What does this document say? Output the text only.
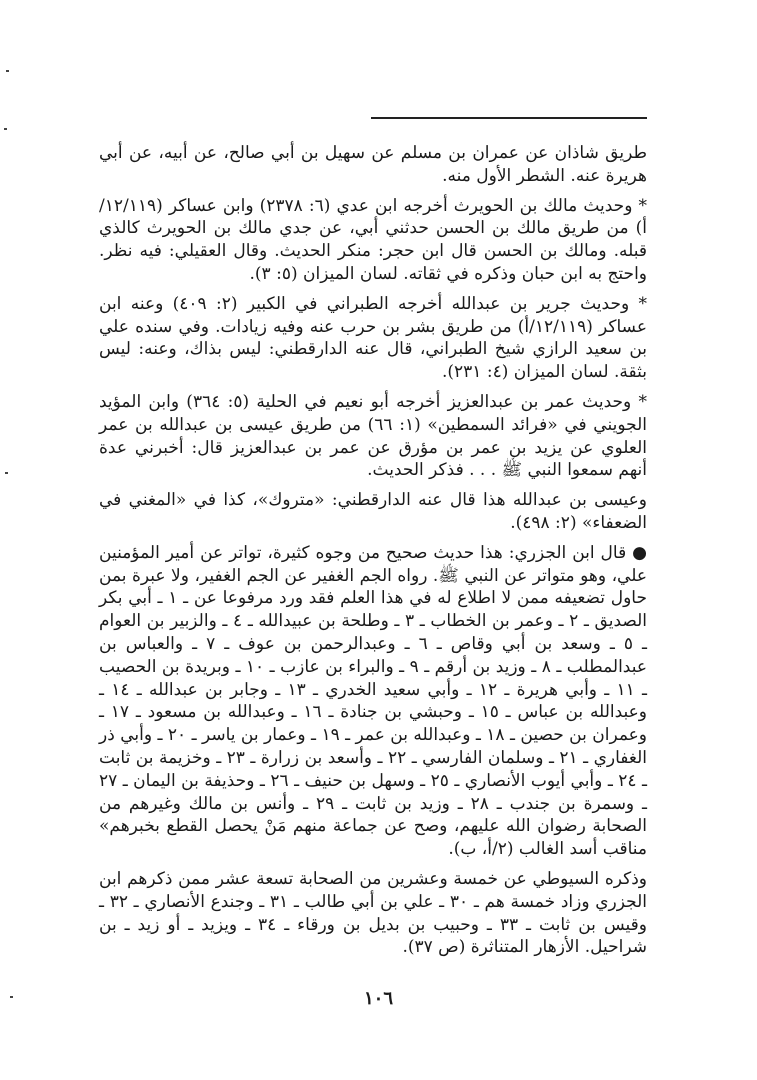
طريق شاذان عن عمران بن مسلم عن سهيل بن أبي صالح، عن أبيه، عن أبي هريرة عنه. الشطر الأول منه.

* وحديث مالك بن الحويرث أخرجه ابن عدي (٦: ٢٣٧٨) وابن عساكر (١٢/١١٩/أ) من طريق مالك بن الحسن حدثني أبي، عن جدي مالك بن الحويرث كالذي قبله. ومالك بن الحسن قال ابن حجر: منكر الحديث. وقال العقيلي: فيه نظر. واحتج به ابن حبان وذكره في ثقاته. لسان الميزان (٥: ٣).

* وحديث جرير بن عبدالله أخرجه الطبراني في الكبير (٢: ٤٠٩) وعنه ابن عساكر (١٢/١١٩/أ) من طريق بشر بن حرب عنه وفيه زيادات. وفي سنده علي بن سعيد الرازي شيخ الطبراني، قال عنه الدارقطني: ليس بذاك، وعنه: ليس بثقة. لسان الميزان (٤: ٢٣١).

* وحديث عمر بن عبدالعزيز أخرجه أبو نعيم في الحلية (٥: ٣٦٤) وابن المؤيد الجويني في «فرائد السمطين» (١: ٦٦) من طريق عيسى بن عبدالله بن عمر العلوي عن يزيد بن عمر بن مؤرق عن عمر بن عبدالعزيز قال: أخبرني عدة أنهم سمعوا النبي ﷺ . . . فذكر الحديث.

وعيسى بن عبدالله هذا قال عنه الدارقطني: «متروك»، كذا في «المغني في الضعفاء» (٢: ٤٩٨).

● قال ابن الجزري: هذا حديث صحيح من وجوه كثيرة، تواتر عن أمير المؤمنين علي، وهو متواتر عن النبي ﷺ. رواه الجم الغفير عن الجم الغفير، ولا عبرة بمن حاول تضعيفه ممن لا اطلاع له في هذا العلم فقد ورد مرفوعا عن ـ ١ ـ أبي بكر الصديق ـ ٢ ـ وعمر بن الخطاب ـ ٣ ـ وطلحة بن عبيدالله ـ ٤ ـ والزبير بن العوام ـ ٥ ـ وسعد بن أبي وقاص ـ ٦ ـ وعبدالرحمن بن عوف ـ ٧ ـ والعباس بن عبدالمطلب ـ ٨ ـ وزيد بن أرقم ـ ٩ ـ والبراء بن عازب ـ ١٠ ـ وبريدة بن الحصيب ـ ١١ ـ وأبي هريرة ـ ١٢ ـ وأبي سعيد الخدري ـ ١٣ ـ وجابر بن عبدالله ـ ١٤ ـ وعبدالله بن عباس ـ ١٥ ـ وحبشي بن جنادة ـ ١٦ ـ وعبدالله بن مسعود ـ ١٧ ـ وعمران بن حصين ـ ١٨ ـ وعبدالله بن عمر ـ ١٩ ـ وعمار بن ياسر ـ ٢٠ ـ وأبي ذر الغفاري ـ ٢١ ـ وسلمان الفارسي ـ ٢٢ ـ وأسعد بن زرارة ـ ٢٣ ـ وخزيمة بن ثابت ـ ٢٤ ـ وأبي أيوب الأنصاري ـ ٢٥ ـ وسهل بن حنيف ـ ٢٦ ـ وحذيفة بن اليمان ـ ٢٧ ـ وسمرة بن جندب ـ ٢٨ ـ وزيد بن ثابت ـ ٢٩ ـ وأنس بن مالك وغيرهم من الصحابة رضوان الله عليهم، وصح عن جماعة منهم مَنْ يحصل القطع بخبرهم» مناقب أسد الغالب (٢/أ، ب).

وذكره السيوطي عن خمسة وعشرين من الصحابة تسعة عشر ممن ذكرهم ابن الجزري وزاد خمسة هم ـ ٣٠ ـ علي بن أبي طالب ـ ٣١ ـ وجندع الأنصاري ـ ٣٢ ـ وقيس بن ثابت ـ ٣٣ ـ وحبيب بن بديل بن ورقاء ـ ٣٤ ـ ويزيد ـ أو زيد ـ بن شراحيل. الأزهار المتناثرة (ص ٣٧).

١٠٦
